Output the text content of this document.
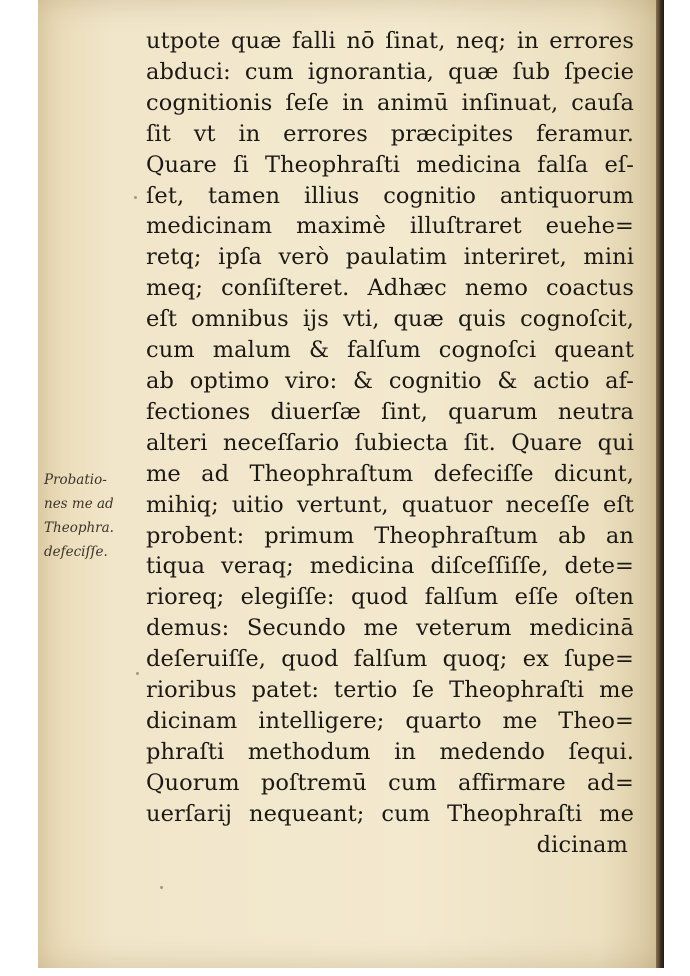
utpote quæ falli nō ſinat, neq; in errores
abduci: cum ignorantia, quæ ſub ſpecie
cognitionis ſeſe in animū inſinuat, cauſa
ſit vt in errores præcipites feramur.
Quare ſi Theophraſti medicina falſa eſ-
ſet, tamen illius cognitio antiquorum
medicinam maximè illuſtraret euehe=
retq; ipſa verò paulatim interiret, mini
meq; conſiſteret. Adhæc nemo coactus
eſt omnibus ijs vti, quæ quis cognoſcit,
cum malum & falſum cognoſci queant
ab optimo viro: & cognitio & actio af-
fectiones diuerſæ ſint, quarum neutra
alteri neceſſario ſubiecta ſit. Quare qui
me ad Theophraſtum defeciſſe dicunt,
mihiq; uitio vertunt, quatuor neceſſe eſt
probent: primum Theophraſtum ab an
tiqua veraq; medicina diſceſſiſſe, dete=
rioreq; elegiſſe: quod falſum eſſe oſten
demus: Secundo me veterum medicinā
deſeruiſſe, quod falſum quoq; ex ſupe=
rioribus patet: tertio ſe Theophraſti me
dicinam intelligere; quarto me Theo=
phraſti methodum in medendo ſequi.
Quorum poſtremū cum affirmare ad=
uerſarij nequeant; cum Theophraſti me
dicinam
Probatio-
nes me ad
Theophra.
defeciſſe.
